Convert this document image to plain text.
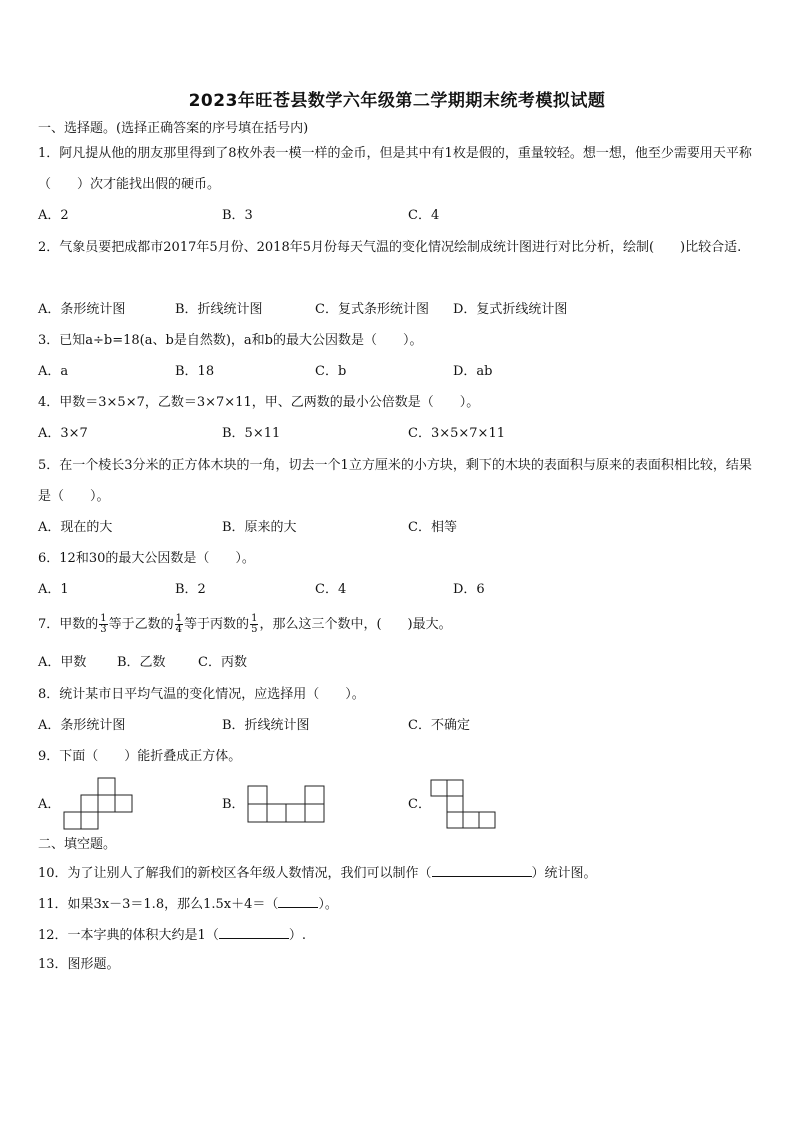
2023年旺苍县数学六年级第二学期期末统考模拟试题
一、选择题。(选择正确答案的序号填在括号内)
1．阿凡提从他的朋友那里得到了8枚外表一模一样的金币，但是其中有1枚是假的，重量较轻。想一想，他至少需要用天平称（　　）次才能找出假的硬币。
A．2	B．3	C．4
2．气象员要把成都市2017年5月份、2018年5月份每天气温的变化情况绘制成统计图进行对比分析，绘制(　　)比较合适.
A．条形统计图	B．折线统计图	C．复式条形统计图 D．复式折线统计图
3．已知a÷b=18(a、b是自然数)，a和b的最大公因数是（　　）。
A．a	B．18	C．b	D．ab
4．甲数＝3×5×7，乙数＝3×7×11，甲、乙两数的最小公倍数是（　　）。
A．3×7	B．5×11	C．3×5×7×11
5．在一个棱长3分米的正方体木块的一角，切去一个1立方厘米的小方块，剩下的木块的表面积与原来的表面积相比较，结果是（　　）。
A．现在的大	B．原来的大	C．相等
6．12和30的最大公因数是（　　）。
A．1	B．2	C．4	D．6
7．甲数的 $\frac{1}{3}$ 等于乙数的 $\frac{1}{4}$ 等于丙数的 $\frac{1}{5}$ ，那么这三个数中，(　　)最大。
A．甲数 B．乙数 C．丙数
8．统计某市日平均气温的变化情况，应选择用（　　）。
A．条形统计图	B．折线统计图	C．不确定
9．下面（　　）能折叠成正方体。
A．	B．	C．
二、填空题。
10．为了让别人了解我们的新校区各年级人数情况，我们可以制作（	）统计图。
11．如果3x－3＝1.8，那么1.5x＋4＝（	）。
12．一本字典的体积大约是1（	）.
13．图形题。
